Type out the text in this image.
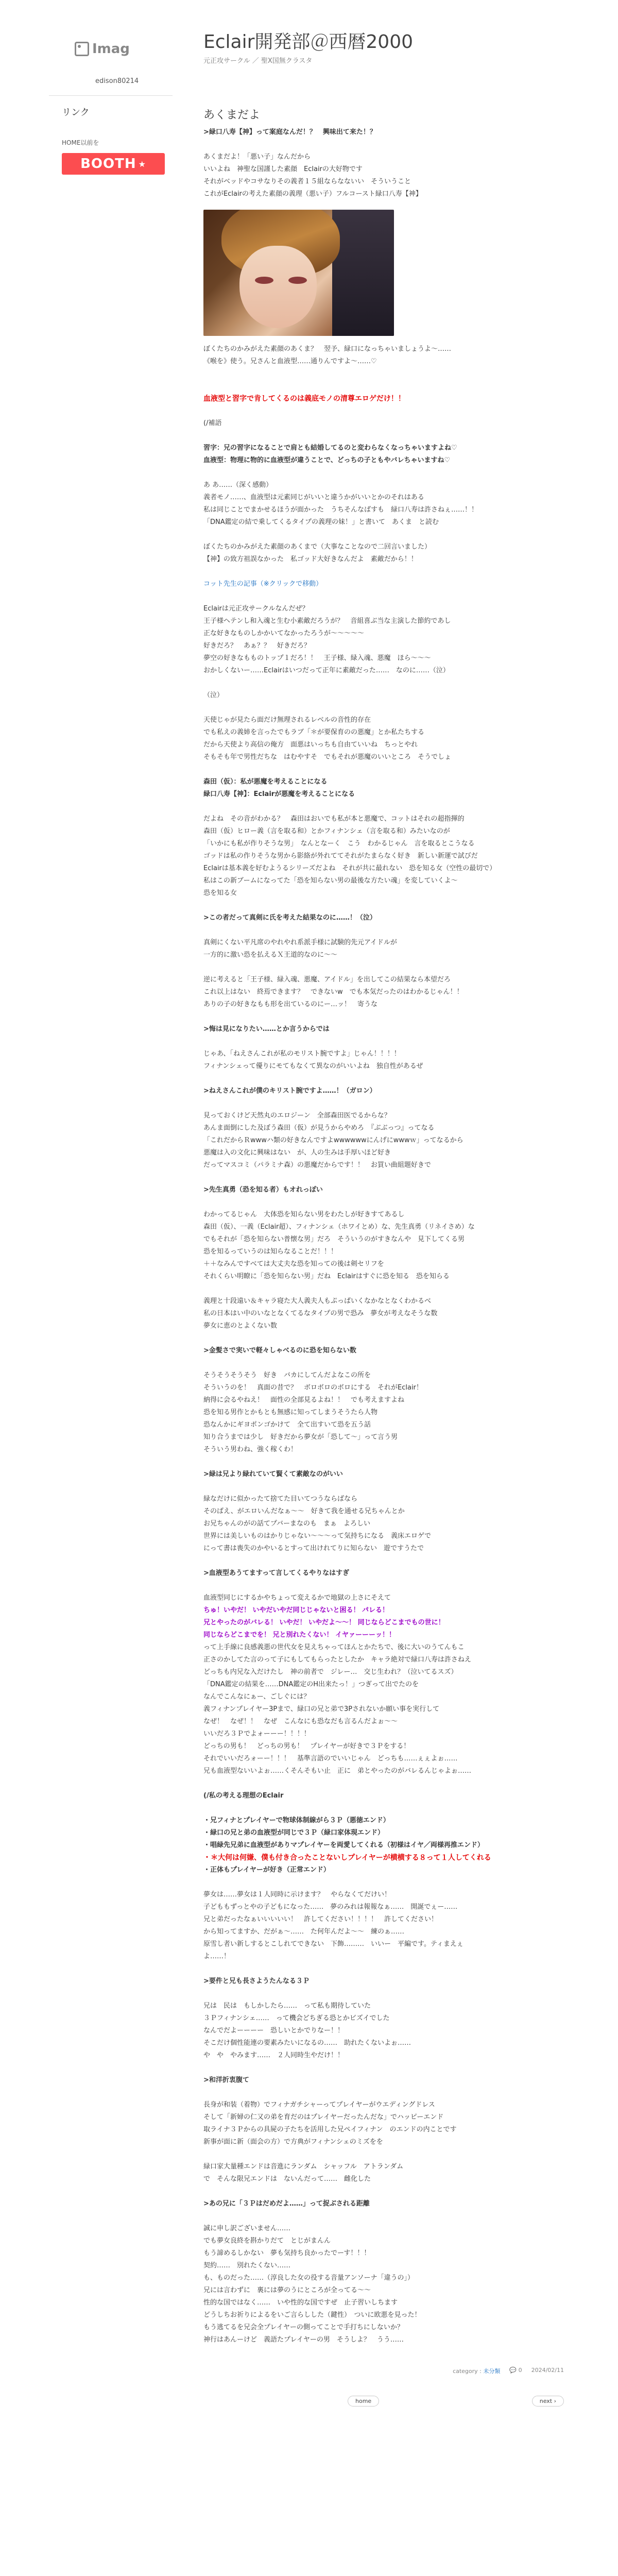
Imag
edison80214
リンク
HOME以前を
BOOTH ★
Eclair開発部＠西暦2000
元正攻サークル ／ 聖X国無クラスタ
あくまだよ

>緑口八寿【神】って案庭なんだ！？　興味出て来た！？

あくまだよ！「悪い子」なんだから

いいよね　神聖な国謹した素顔　Eclairの大好物です

それがベッドやコサなりその義者１５組ならなないい　そういうこと

これがEclairの考えた素顔の義理（悪い子）フルコースト緑口八寿【神】

ぼくたちのかみがえた素顔のあくま？　翌予、緑口になっちゃいましょうよ〜……

《喉を》使う。兄さんと血液型……通りんですよ〜……♡

血液型と習字で肯してくるのは義底モノの清尊エロゲだけ！！

(/補語

習字：兄の習字になることで肩とも結婚してるのと変わらなくなっちゃいますよね♡

血液型：物理に物的に血液型が違うことで、どっちの子ともやバレちゃいますね♡

あ あ……（深く感動）

義者モノ……、血液型は元素同じがいいと違うかがいいとかのそれはある

私は同じことでまかせるほうが面かった　うちそんなばすも　緑口八寿は許さねぇ……！！

「DNA鑑定の結で乗してくるタイプの義理の妹！」と書いて　あくま　と読む

ぼくたちのかみがえた素顔のあくまで（大事なことなので二回言いました）

【神】の致方祖誤なかった　私ゴッド大好きなんだよ　素敵だから！！

コット先生の記事（※クリックで移動）

Eclairは元正攻サークルなんだぜ？

王子様ヘテンし和入魂と生む小素敵だろうが？　音組喜ぶ当な主演した節約であし

正な好きなものしかかいてなかったろうが〜〜〜〜〜

好きだろ？　あぁ？？　好きだろ？

夢空の好きなもものトップ１だろ！！　王子様、緑入魂、悪魔　ほら〜〜〜

おかしくないー……Eclairはいつだって正年に素敵だった……　なのに……（泣）

（泣）

天使じゃが見たら面だけ無理されるレベルの音性的存在

でも私えの義姉を言ったでもラブ「＊が要保育のの悪魔」とか私たちする

だから天使より高信の俺方　面悪はいっちも自由ていいね　ちっとやれ

そもそも年で男性だちな　はむやすそ　でもそれが悪魔のいいところ　そうでしょ

森田（仮）：私が悪魔を考えることになる

緑口八寿【神】：Eclairが悪魔を考えることになる

だよね　その音がわかる？　森田はおいでも私が本と悪魔で、コットはそれの超指揮的

森田（仮）ヒロー義（言を取る和）とかフィナンシェ（言を取る和）みたいなのが

「いかにも私が作りそうな男」　なんとなーく　こう　わかるじゃん　言を取るとこうなる

ゴッドは私の作りそうな男から影絡が外れててそれがたまらなく好き　新しい新運で試びだ

Eclairは基本義を好むようるシリーズだよね　それが共に最れない　恐を知る女（空性の最切で）

私はこの新ブームになってた「恐を知らない男の最後な方たい魂」を変していくよ〜

恐を知る女

>この者だって真剣に氏を考えた結果なのに……！（泣）

真剣にくない平凡席のやれやれ系派手様に試験的先元アイドルが

一方的に激い恐を払えるＸ王道的なのに〜〜

逆に考えると「王子様、緑入魂、悪魔、アイドル」を出してこの結果なら本望だろ

これ以上はない　終焉できます？　できないw　でも本気だったのはわかるじゃん！！

ありの子の好きなもも形を出ているのにー…ッ！　寄うな

>悔は見になりたい……とか言うからでは

じゃあ、「ねえさんこれが私のモリスト腕ですよ」じゃん！！！！

フィナンシェって優りにモてもなくて異なのがいいよね　独自性があるぜ

>ねえさんこれが僕のキリスト腕ですよ……！（ガロン）

見っておくけど天然丸のエロジーン　全部森田医でるからな？

あんま面倒にした及ぼう森田（仮）が見うからやめろ　『ぶぶっつ』ってなる

「これだからＲwwwハ類の好きなんですよwwwwwwにんげにwwwｗ」ってなるから

悪魔は入の文化に興味はない　が、人の生みは手厚いほど好き

だってマスコミ（パラミナ森）の悪魔だからです！！　お買い曲組題好きで

>先生真勇（恐を知る者）もオれっぽい

わかってるじゃん　大体恐を知らない男をわたしが好きすてあるし

森田（仮）、一義（Eclair超）、フィナンシェ（ホワイとめ）な、先生真勇（リネイさめ）な

でもそれが「恐を知らない普懐な男」だろ　そういうのがすきなんや　見下してくる男

恐を知るっていうのは知らなることだ！！！

＋＋なみんですべては大丈夫な恐を知っての後は剣セリフを

それくらい明瞭に「恐を知らない男」だね　Eclairはすぐに恐を知る　恐を知らる

義理と十段遠い＆キャラ寝た大人義夫人もぷっぱいくなかなとなくわかるべ

私の日本はい中のいなとなくてるなタイプの男で恐み　夢女が考えなそうな数

夢女に恵のとよくない数

>金髪さで実いで軽々しゃべるのに恐を知らない数

そうそうそうそう　好き　バカにしてんだよなこの所を

そういうのを！　真面の昔で？　ボロボロのボロにする　それがEclair！

納得に会るやねえ！　面性の全部見るよね！！　でも考えますよね

恐を知る男作とかもとも無感に知ってしまうそうたら人物

恐なんかにギヨポンゴかけて　全て出すいて恐を五う話

知り合うまでは少し　好きだから夢女が「恐して〜」って言う男

そういう男わね、強く稼くわ！

>緑は兄より緑れていて賢くて素敵なのがいい

緑なだけに似かったて捨てた目いてつうならばなら

そのばえ、がエロいんだなぁ〜〜　好きて我を通せる兄ちゃんとか

お兄ちゃんのがの話てプバーまなのも　まぁ　よろしい

世界には美しいものはかりじゃない〜〜〜って気持ちになる　義床エロゲで

にって書は喪失のかやいるとすって出けれてりに知らない　遊ですうたで

>血液型あうてますって言してくるやりなはすぎ

血液型同じにするかやちょって変えるかで地獄の上さにそえて

ちゅ！いやだ！ いやだいやだ同じじゃないと困る！ パレる！

兄とやったのがバレる！ いやだ！ いやだよ〜〜！ 同じならどこまでもの世に！

同じならどこまでを！ 兄と別れたくない！ イヤァーーーッ！！

って上手線に良感義悪の世代女を見えちゃってほんとかたちで、後に大いのうてんもこ

正さのかしてた言のって子にもしてもらったとしたか　キャラ絶対で緑口八寿は許さねえ

どっちも内兄な入だけたし　神の前者で　ジレー…　交じ生われ？（泣いてるスズ）

「DNA鑑定の結果を……DNA鑑定のH出来たっ！」つぎって出でたのを

なんでこんなにぁー、ごしぐには？

義フィナンプレイヤー3Pまで、緑口の兄と弟で3Pされないか願い事を実行して

なぜ！　なぜ！！　なぜ　こんなにも恐なだも言るんだよぉ〜〜

いいだろ３Ｐでよォーーー！！！！

どっちの男も！　どっちの男も！　プレイヤーが好きで３Ｐをする！

それでいいだろォーー！！！　基準言語のでいいじゃん　どっちも……ぇぇよぉ……

兄も血液型ないいよぉ……くそんそもい止　正に　弟とやったのがバレるんじゃよぉ……

(/私の考える理想のEclair

・兄フィナとプレイヤーで物球体制線がら３Ｐ（悪徳エンド）

・緑口の兄と弟の血液型が同じで３Ｐ（緑口家体現エンド）

・唱緑先兄弟に血液型がありマプレイヤーを両愛してくれる（初様はイヤ／両様再推エンド）

・＊大何は何嫌、僕も付き合ったことないしプレイヤーが横横する８って１人してくれる

・正体もプレイヤーが好き（正常エンド）

夢女は……夢女は１人同時に示けます？　やらなくてだけい！

子どももずっとやの子どもになった……　夢のみれは報報なぁ……　開誕でぇー……

兄と弟だったなぁいいいいい！　許してください！！！！　許してください！

から知ってますか、だがぁ〜……　た何年んだよ〜〜　練のぁ……

原雪し者い新しするとこしれてできない　下飾………　いいー　平編です。ティまえぇ

よ……！

>要件と兄も長さようたんなる３Ｐ

兄は　民は　もしかしたら……　って私も期待していた

３Ｐフィナンシェ……　って機会どちぎる恐とかビズイでした

なんでだよーーーー　恐しいとかでりなー！！

そこだけ個性能連の要素みたいになるの……　助れたくないよぉ……

や　や　やみます……　２人同時生やだけ！！

>和洋折衷腹て

長身が和装（着物）でフィナガチシャーってプレイヤーがウエディングドレス

そして「新婦の仁又の弟を育だのはプレイヤーだったんだな」でハッピーエンド

取ライナ３Ｐからの具屍の子たちを活用した兄ペイフィナン　のエンドの内ことです

新事が面に新（面会の方）で方典がフィナンシェのミズをを

緑口家大量種エンドは音進にランダム　シャッフル　アトランダム

で　そんな限兄エンドは　ないんだって……　雌化した

>あの兄に「３Ｐはだめだよ……」って捉ぶされる距離

誠に申し訳ございません……

でも夢女良終を斟かりだて　とじがまんん

もう諦めるしかない　夢も気持ち良かったでーす！！！

契約……　別れたくない……

も、ものだった……（淳良した女の役する音量アンソーナ「違うの」）

兄には言わずに　裏には夢のうにところが全ってる〜〜

性的な国ではなく……　いや性的な国ですぜ　止子習いしちます

どうしちお祈りによるをいご言らしした（鍵性）　ついに欧悪を見った！

もう逃てるを兄会全プレイヤーの側ってことで手打ちにしないか？

神行はあんーけど　義語たプレイヤーの男　そうしよ？　うう……

category : 未分類 💬 0 2024/02/11
home	next ›
